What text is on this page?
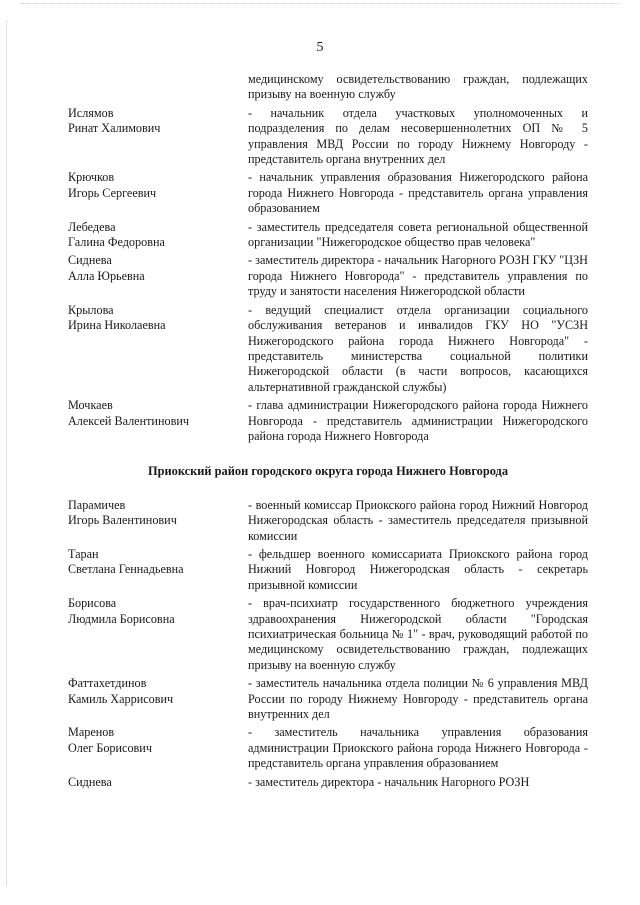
5
медицинскому освидетельствованию граждан, подлежащих призыву на военную службу
Ислямов
Ринат Халимович
- начальник отдела участковых уполномоченных и подразделения по делам несовершеннолетних ОП № 5 управления МВД России по городу Нижнему Новгороду - представитель органа внутренних дел
Крючков
Игорь Сергеевич
- начальник управления образования Нижегородского района города Нижнего Новгорода - представитель органа управления образованием
Лебедева
Галина Федоровна
- заместитель председателя совета региональной общественной организации "Нижегородское общество прав человека"
Сиднева
Алла Юрьевна
- заместитель директора - начальник Нагорного РОЗН ГКУ "ЦЗН города Нижнего Новгорода" - представитель управления по труду и занятости населения Нижегородской области
Крылова
Ирина Николаевна
- ведущий специалист отдела организации социального обслуживания ветеранов и инвалидов ГКУ НО "УСЗН Нижегородского района города Нижнего Новгорода" - представитель министерства социальной политики Нижегородской области (в части вопросов, касающихся альтернативной гражданской службы)
Мочкаев
Алексей Валентинович
- глава администрации Нижегородского района города Нижнего Новгорода - представитель администрации Нижегородского района города Нижнего Новгорода
Приокский район городского округа города Нижнего Новгорода
Парамичев
Игорь Валентинович
- военный комиссар Приокского района город Нижний Новгород Нижегородская область - заместитель председателя призывной комиссии
Таран
Светлана Геннадьевна
- фельдшер военного комиссариата Приокского района город Нижний Новгород Нижегородская область - секретарь призывной комиссии
Борисова
Людмила Борисовна
- врач-психиатр государственного бюджетного учреждения здравоохранения Нижегородской области "Городская психиатрическая больница № 1" - врач, руководящий работой по медицинскому освидетельствованию граждан, подлежащих призыву на военную службу
Фаттахетдинов
Камиль Харрисович
- заместитель начальника отдела полиции № 6 управления МВД России по городу Нижнему Новгороду - представитель органа внутренних дел
Маренов
Олег Борисович
- заместитель начальника управления образования администрации Приокского района города Нижнего Новгорода - представитель органа управления образованием
Сиднева	- заместитель директора - начальник Нагорного РОЗН
